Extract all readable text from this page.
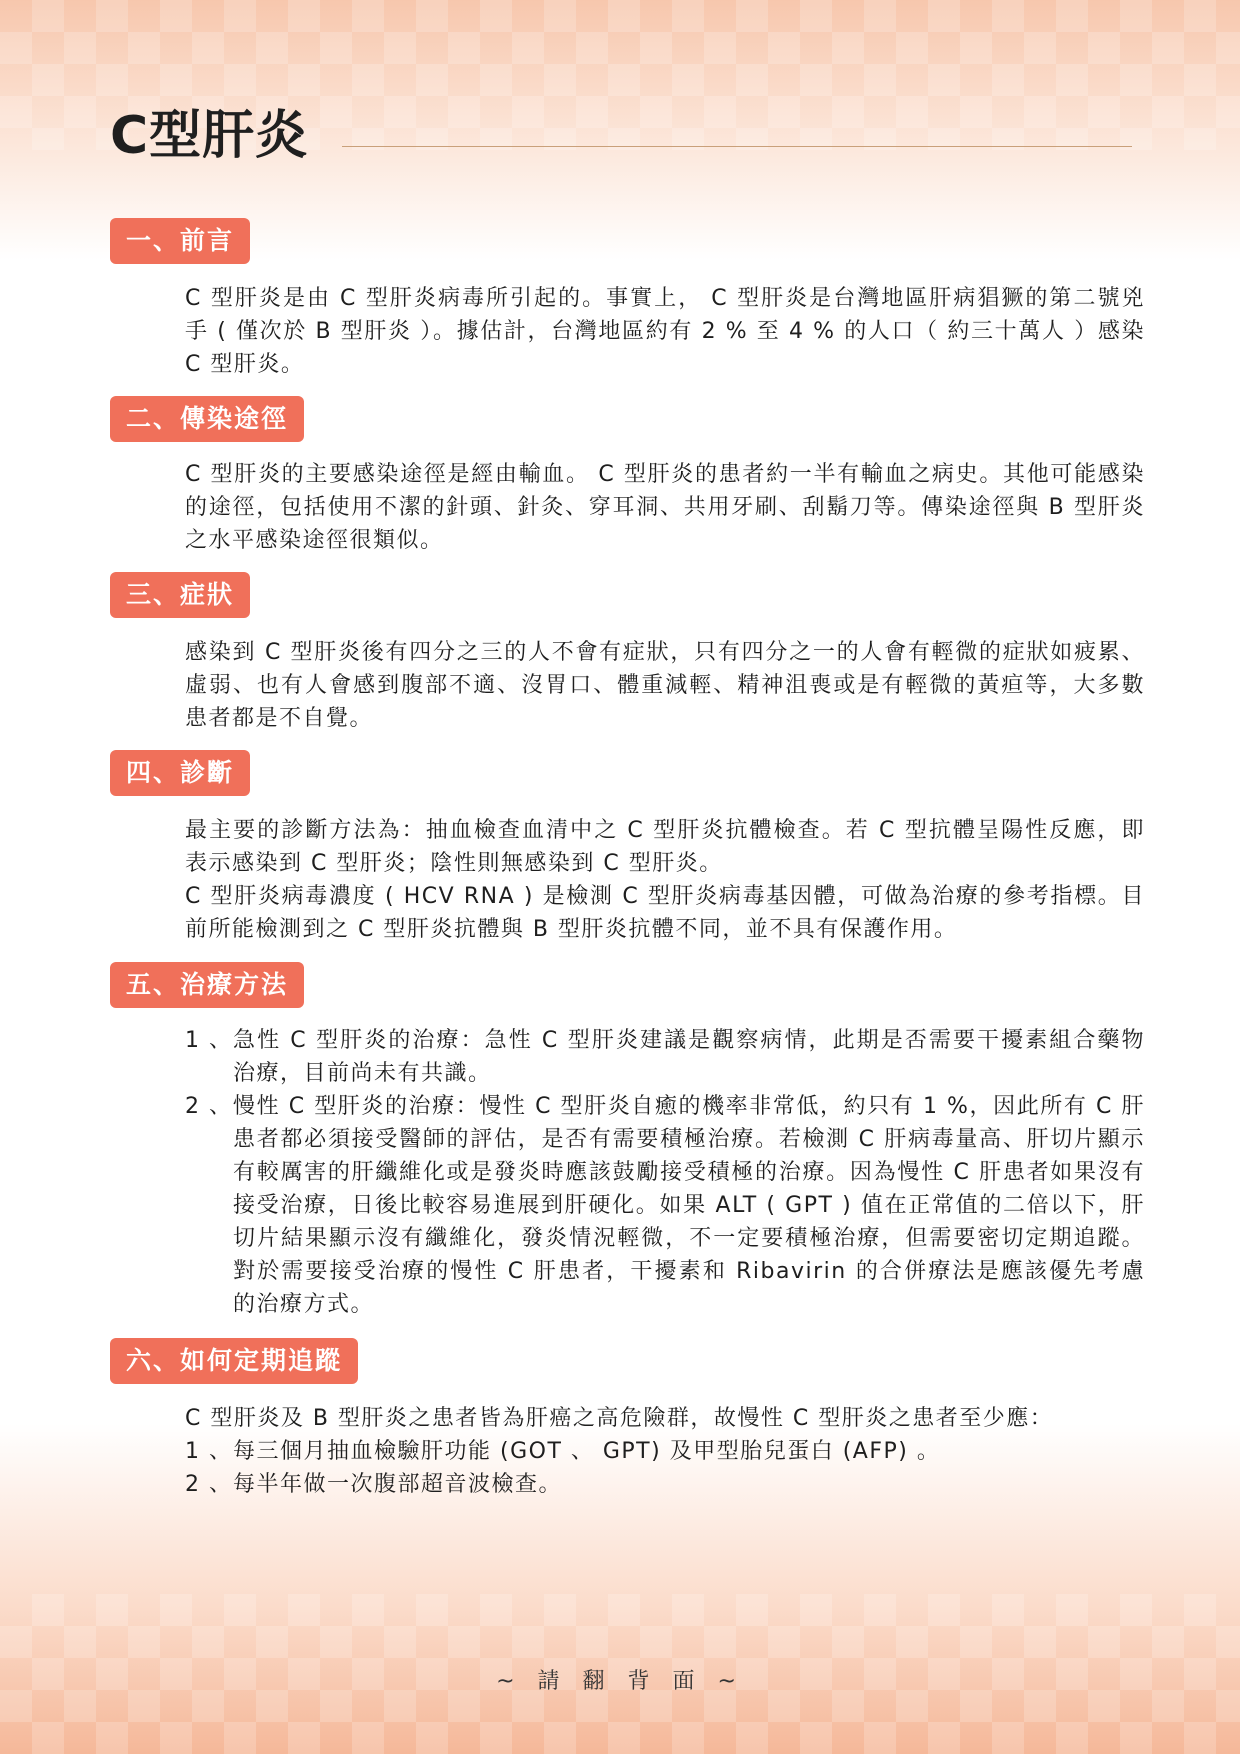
C型肝炎
一、前言

C 型肝炎是由 C 型肝炎病毒所引起的。事實上， C 型肝炎是台灣地區肝病猖獗的第二號兇手 ( 僅次於 B 型肝炎 ）。據估計，台灣地區約有 2 % 至 4 % 的人口（ 約三十萬人 ）感染 C 型肝炎。

二、傳染途徑

C 型肝炎的主要感染途徑是經由輸血。 C 型肝炎的患者約一半有輸血之病史。其他可能感染的途徑，包括使用不潔的針頭、針灸、穿耳洞、共用牙刷、刮鬍刀等。傳染途徑與 B 型肝炎之水平感染途徑很類似。

三、症狀

感染到 C 型肝炎後有四分之三的人不會有症狀，只有四分之一的人會有輕微的症狀如疲累、虛弱、也有人會感到腹部不適、沒胃口、體重減輕、精神沮喪或是有輕微的黃疸等，大多數患者都是不自覺。

四、診斷

最主要的診斷方法為：抽血檢查血清中之 C 型肝炎抗體檢查。若 C 型抗體呈陽性反應，即表示感染到 C 型肝炎；陰性則無感染到 C 型肝炎。

C 型肝炎病毒濃度 ( HCV RNA ) 是檢測 C 型肝炎病毒基因體，可做為治療的參考指標。目前所能檢測到之 C 型肝炎抗體與 B 型肝炎抗體不同，並不具有保護作用。

五、治療方法
1 、 急性 C 型肝炎的治療：急性 C 型肝炎建議是觀察病情，此期是否需要干擾素組合藥物治療，目前尚未有共識。
2 、 慢性 C 型肝炎的治療：慢性 C 型肝炎自癒的機率非常低，約只有 1 %，因此所有 C 肝患者都必須接受醫師的評估，是否有需要積極治療。若檢測 C 肝病毒量高、肝切片顯示有較厲害的肝纖維化或是發炎時應該鼓勵接受積極的治療。因為慢性 C 肝患者如果沒有接受治療，日後比較容易進展到肝硬化。如果 ALT ( GPT ) 值在正常值的二倍以下，肝切片結果顯示沒有纖維化，發炎情況輕微，不一定要積極治療，但需要密切定期追蹤。對於需要接受治療的慢性 C 肝患者，干擾素和 Ribavirin 的合併療法是應該優先考慮的治療方式。
六、如何定期追蹤

C 型肝炎及 B 型肝炎之患者皆為肝癌之高危險群，故慢性 C 型肝炎之患者至少應：

1 、 每三個月抽血檢驗肝功能 (GOT 、 GPT) 及甲型胎兒蛋白 (AFP) 。
2 、 每半年做一次腹部超音波檢查。
~ 請 翻 背 面 ~
